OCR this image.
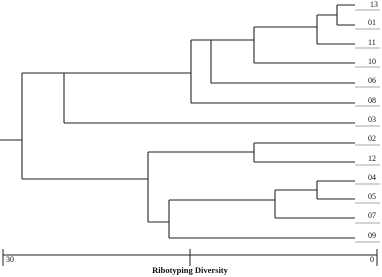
13
01
11
10
06
08
03
02
12
04
05
07
09
30	0
Ribotyping Diversity
